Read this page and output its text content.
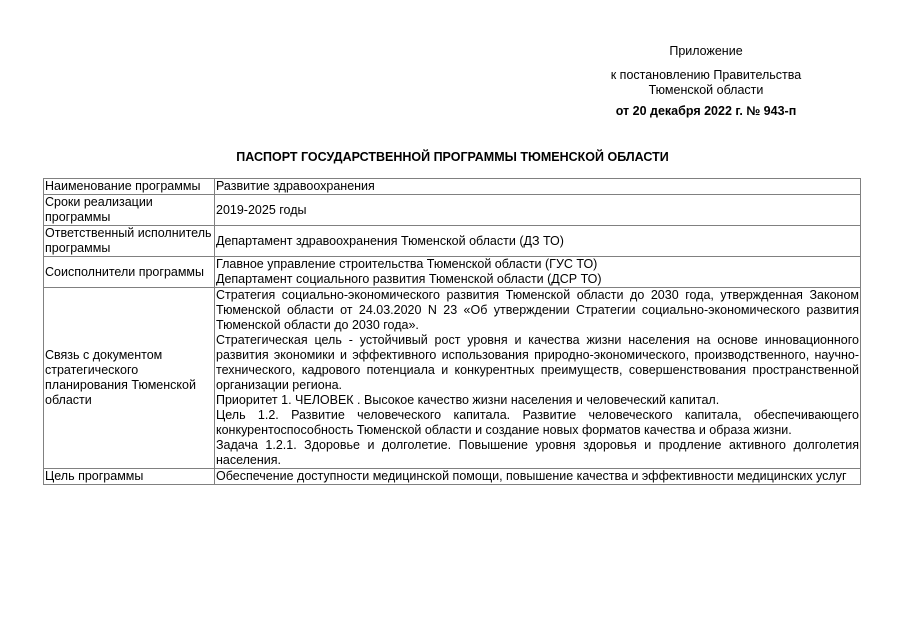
Приложение
к постановлению Правительства
Тюменской области
от 20 декабря 2022 г. № 943-п
ПАСПОРТ ГОСУДАРСТВЕННОЙ ПРОГРАММЫ ТЮМЕНСКОЙ ОБЛАСТИ
Наименование программы	Развитие здравоохранения

Сроки реализации программы	2019-2025 годы

Ответственный исполнитель программы	Департамент здравоохранения Тюменской области (ДЗ ТО)

Соисполнители программы	Главное управление строительства Тюменской области (ГУС ТО)
Департамент социального развития Тюменской области (ДСР ТО)

Связь с документом стратегического планирования Тюменской области	Стратегия социально-экономического развития Тюменской области до 2030 года, утвержденная Законом Тюменской области от 24.03.2020 N 23 «Об утверждении Стратегии социально-экономического развития Тюменской области до 2030 года».
Стратегическая цель - устойчивый рост уровня и качества жизни населения на основе инновационного развития экономики и эффективного использования природно-экономического, производственного, научно-технического, кадрового потенциала и конкурентных преимуществ, совершенствования пространственной организации региона.
Приоритет 1. ЧЕЛОВЕК . Высокое качество жизни населения и человеческий капитал.
Цель 1.2. Развитие человеческого капитала. Развитие человеческого капитала, обеспечивающего конкурентоспособность Тюменской области и создание новых форматов качества и образа жизни.
Задача 1.2.1. Здоровье и долголетие. Повышение уровня здоровья и продление активного долголетия населения.

Цель программы	Обеспечение доступности медицинской помощи, повышение качества и эффективности медицинских услуг
